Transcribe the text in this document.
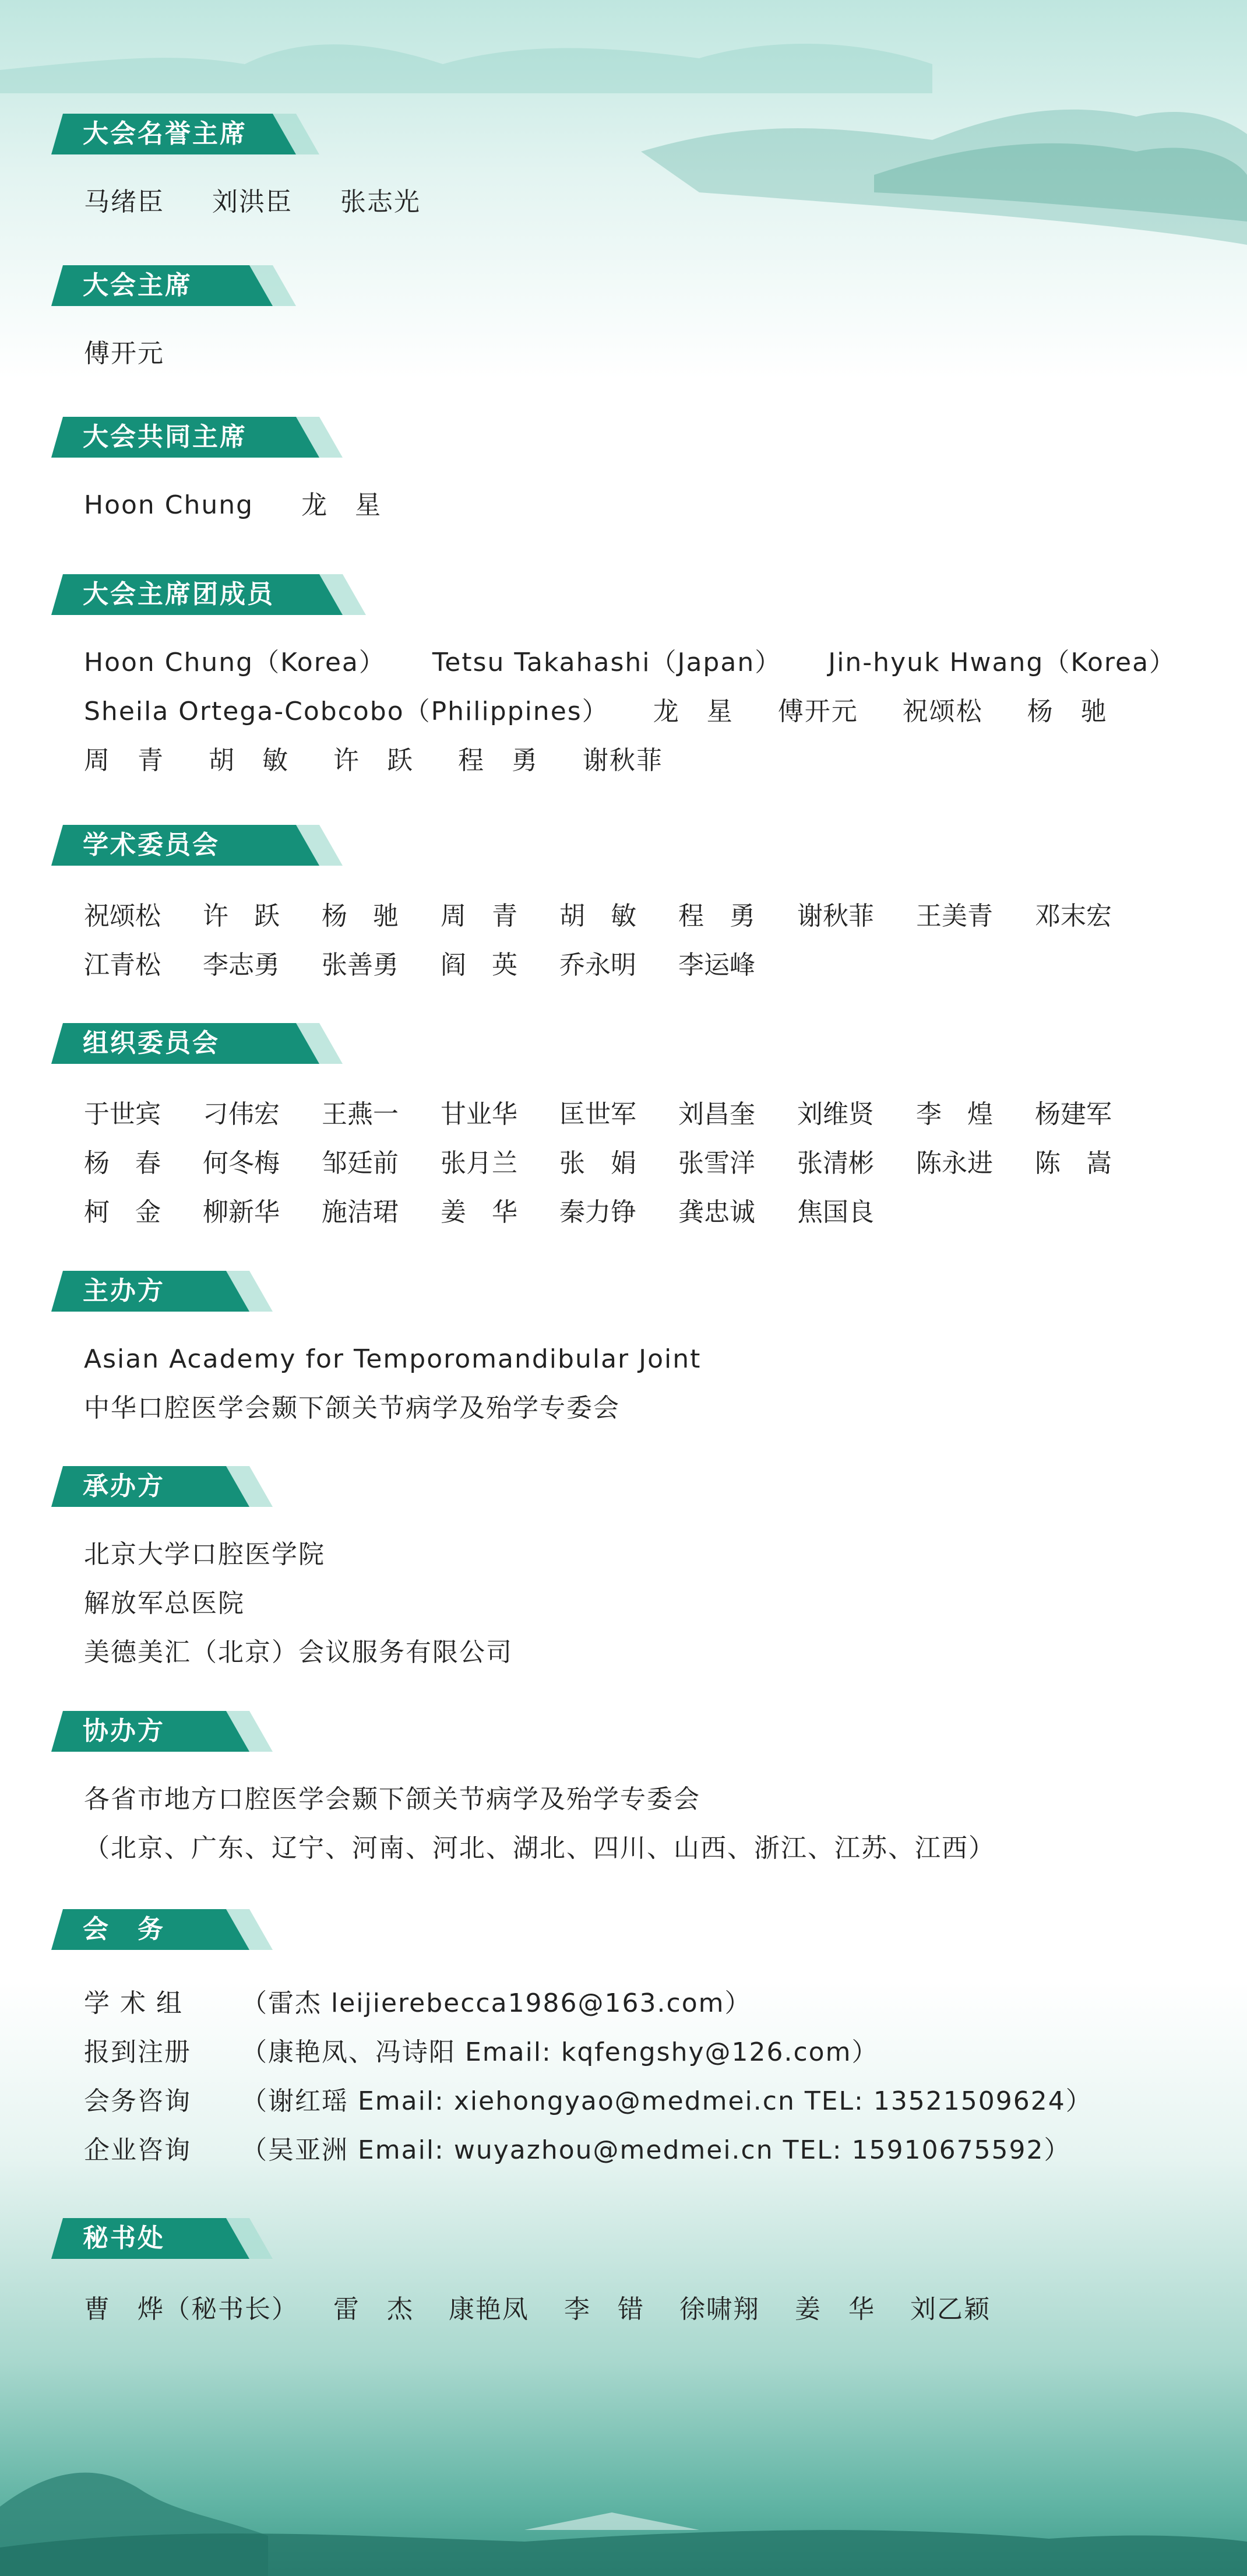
大会名誉主席
马绪臣 刘洪臣 张志光
大会主席
傅开元
大会共同主席
Hoon Chung 龙　星
大会主席团成员
Hoon Chung（Korea） Tetsu Takahashi（Japan） Jin-hyuk Hwang（Korea）
Sheila Ortega-Cobcobo（Philippines） 龙　星 傅开元 祝颂松 杨　驰
周　青 胡　敏 许　跃 程　勇 谢秋菲
学术委员会
祝颂松	许　跃	杨　驰	周　青	胡　敏	程　勇	谢秋菲	王美青	邓末宏
江青松	李志勇	张善勇	阎　英	乔永明	李运峰
组织委员会
于世宾	刁伟宏	王燕一	甘业华	匡世军	刘昌奎	刘维贤	李　煌	杨建军
杨　春	何冬梅	邹廷前	张月兰	张　娟	张雪洋	张清彬	陈永进	陈　嵩
柯　金	柳新华	施洁珺	姜　华	秦力铮	龚忠诚	焦国良
主办方
Asian Academy for Temporomandibular Joint
中华口腔医学会颞下颌关节病学及殆学专委会
承办方
北京大学口腔医学院
解放军总医院
美德美汇（北京）会议服务有限公司
协办方
各省市地方口腔医学会颞下颌关节病学及殆学专委会
（北京、广东、辽宁、河南、河北、湖北、四川、山西、浙江、江苏、江西）
会　务
学 术 组 （雷杰 leijierebecca1986@163.com）
报到注册 （康艳凤、冯诗阳 Email: kqfengshy@126.com）
会务咨询 （谢红瑶 Email: xiehongyao@medmei.cn TEL: 13521509624）
企业咨询 （吴亚洲 Email: wuyazhou@medmei.cn TEL: 15910675592）
秘书处
曹　烨（秘书长） 雷　杰 康艳凤 李　错 徐啸翔 姜　华 刘乙颖
